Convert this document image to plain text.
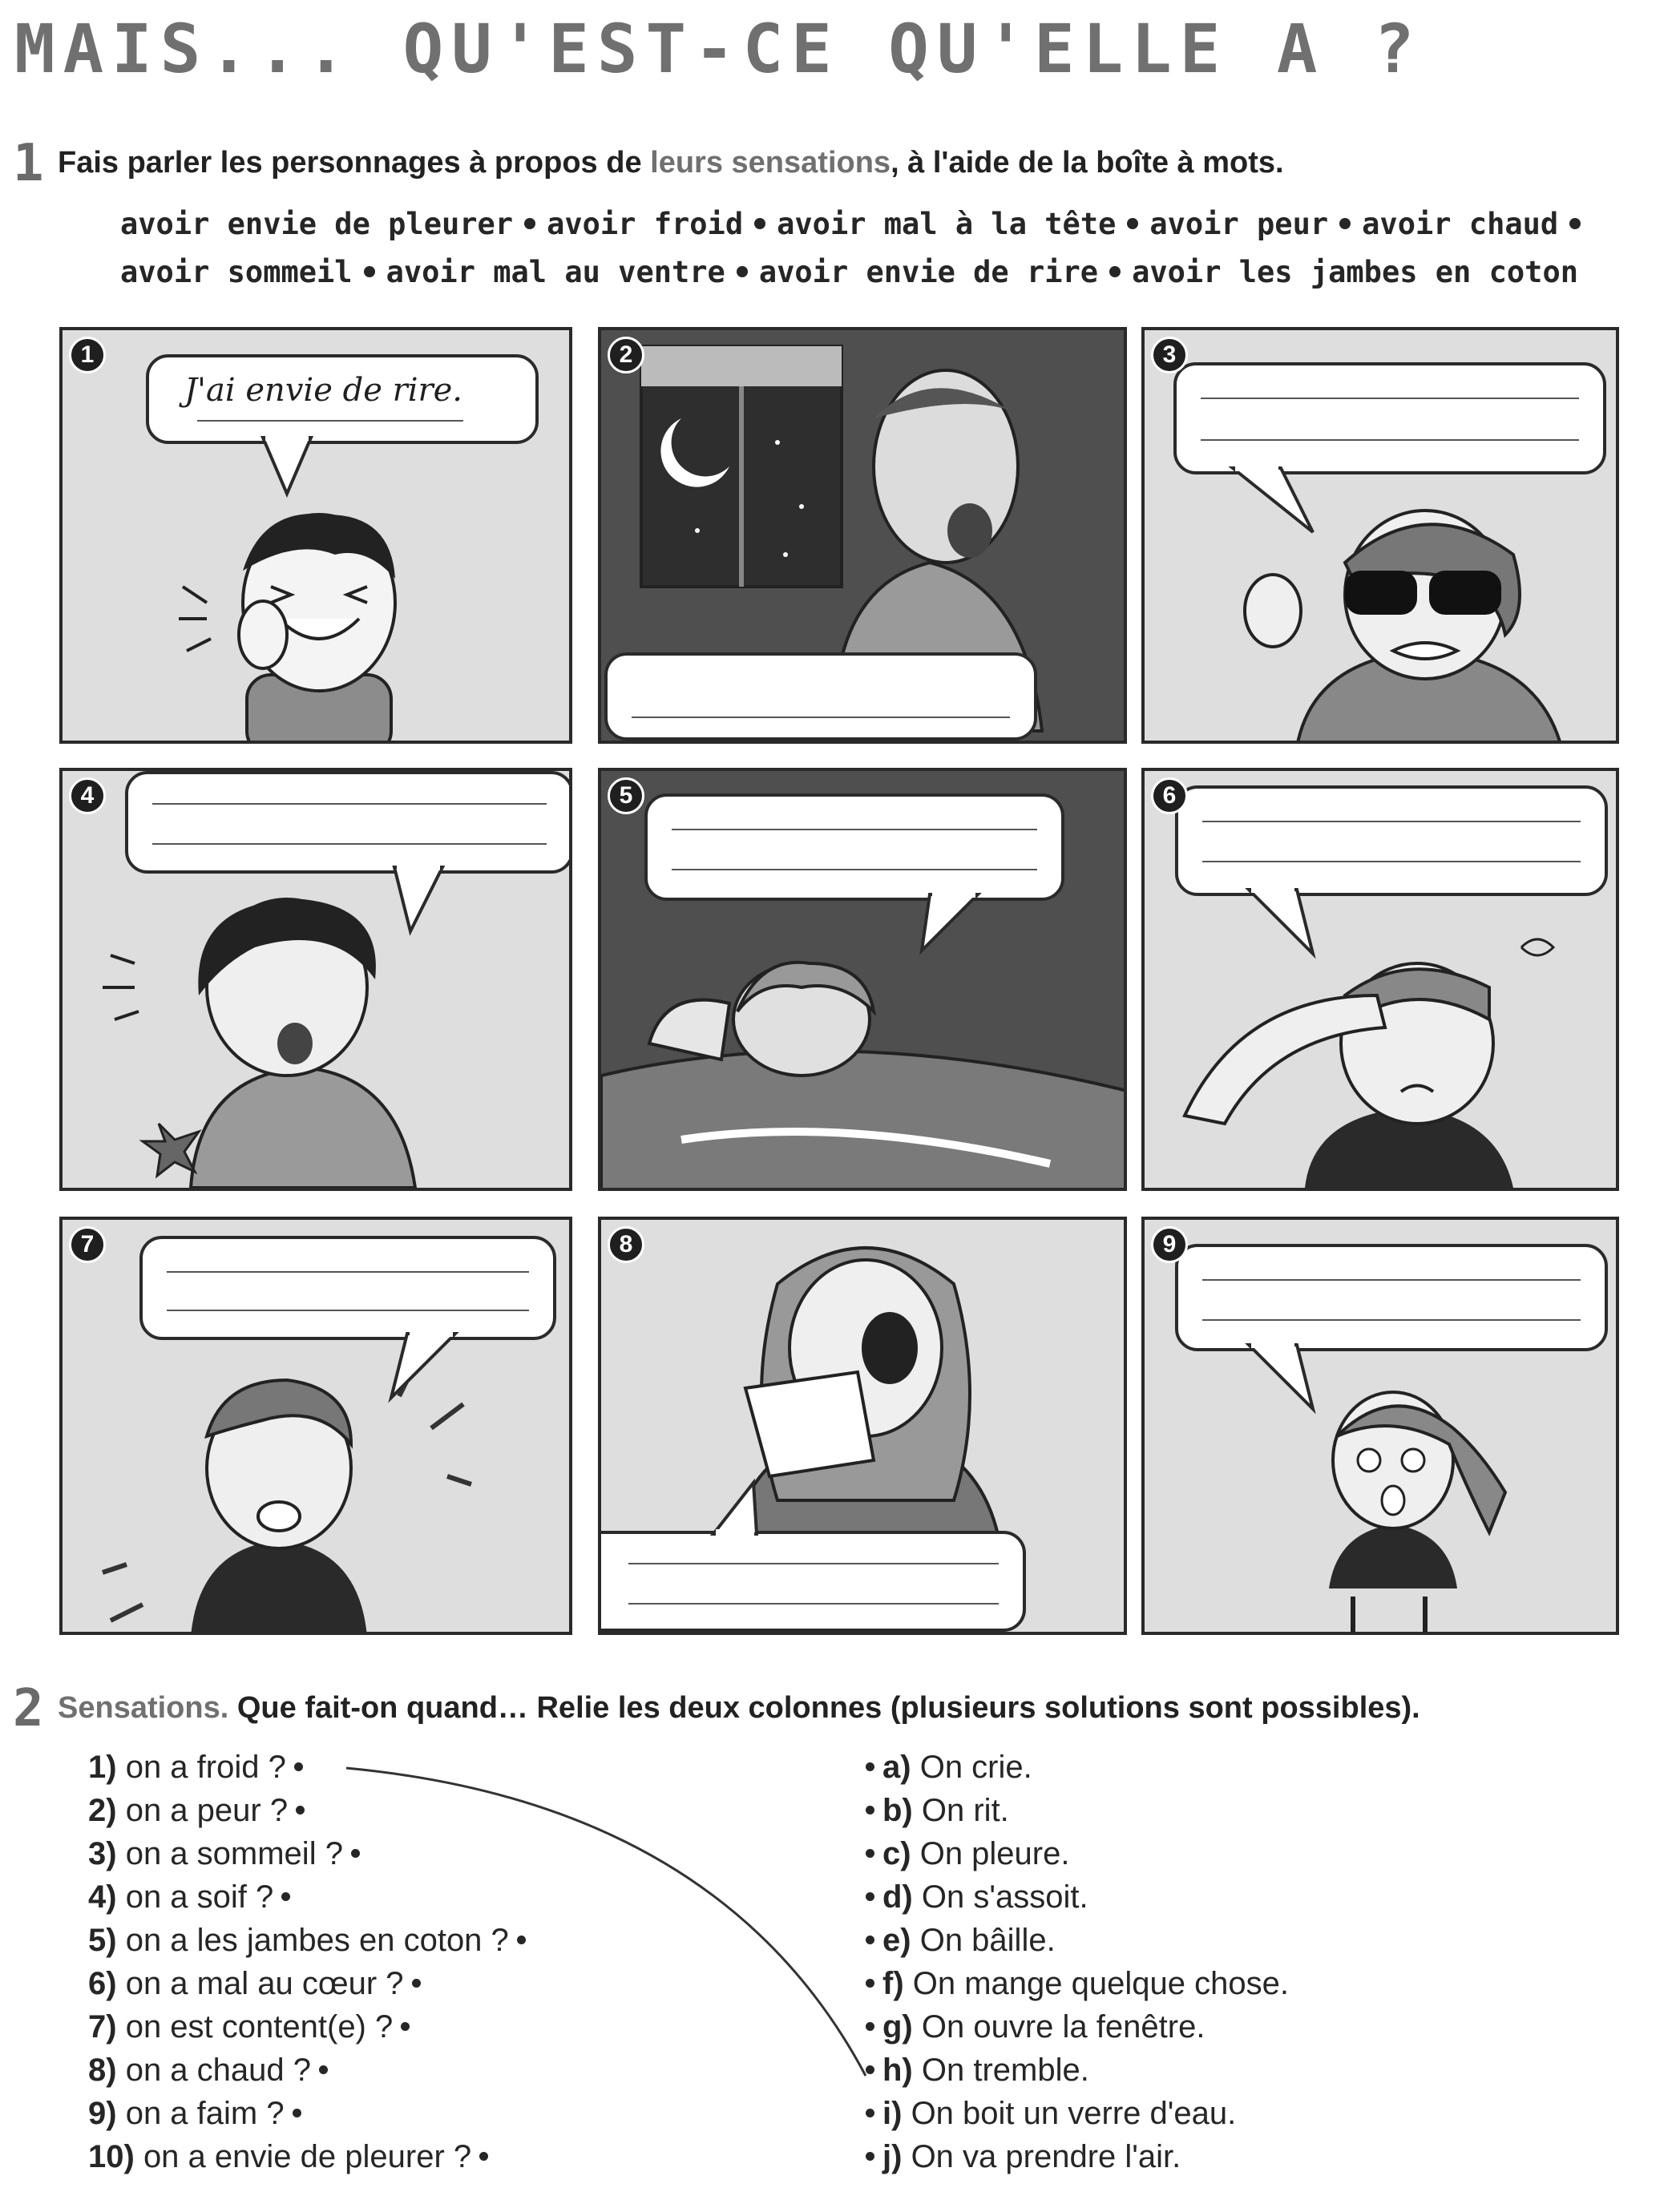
MAIS... QU'EST-CE QU'ELLE A ?
1 Fais parler les personnages à propos de leurs sensations, à l'aide de la boîte à mots.
avoir envie de pleurer avoir froid avoir mal à la tête avoir peur avoir chaud
avoir sommeil avoir mal au ventre avoir envie de rire avoir les jambes en coton
1
J'ai envie de rire.
2	3
4	5	6
7	8	9
2 Sensations. Que fait-on quand… Relie les deux colonnes (plusieurs solutions sont possibles).
1) on a froid ?
2) on a peur ?
3) on a sommeil ?
4) on a soif ?
5) on a les jambes en coton ?
6) on a mal au cœur ?
7) on est content(e) ?
8) on a chaud ?
9) on a faim ?
10) on a envie de pleurer ?
a) On crie.
b) On rit.
c) On pleure.
d) On s'assoit.
e) On bâille.
f) On mange quelque chose.
g) On ouvre la fenêtre.
h) On tremble.
i) On boit un verre d'eau.
j) On va prendre l'air.
